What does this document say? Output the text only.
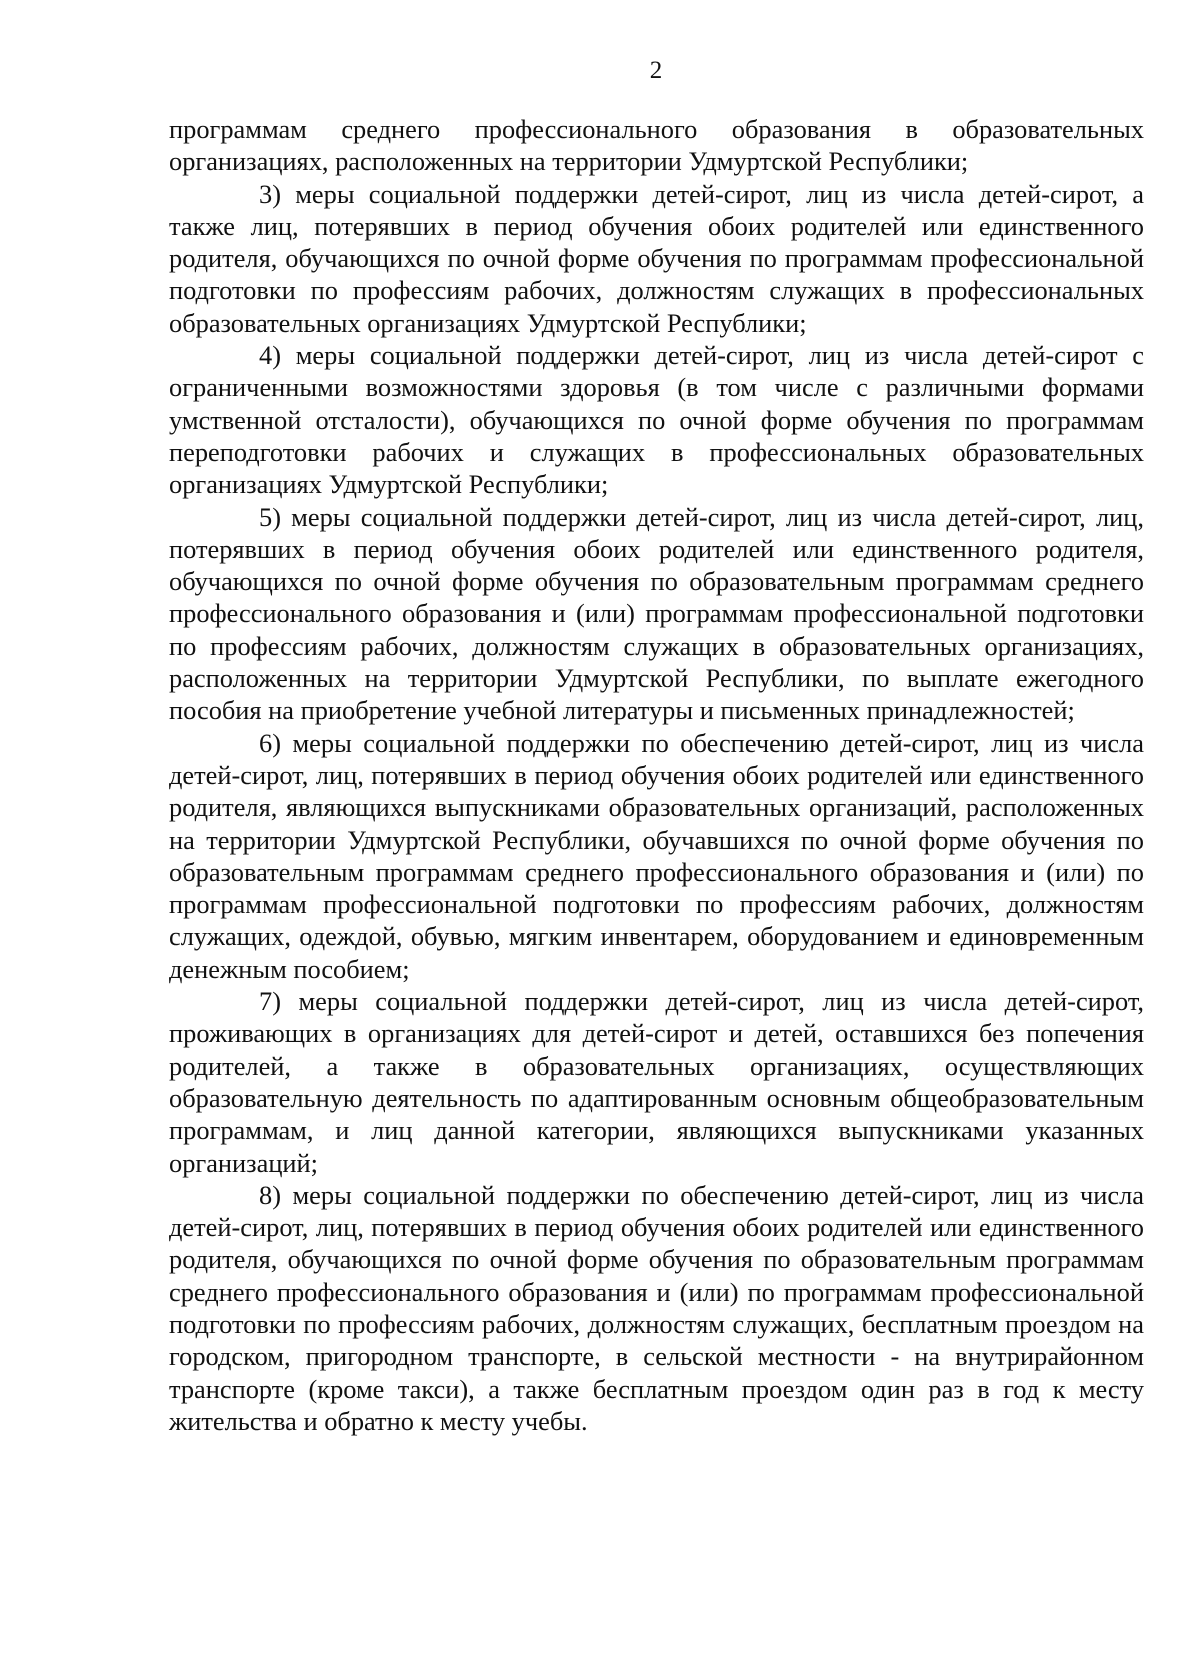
2

программам среднего профессионального образования в образовательных организациях, расположенных на территории Удмуртской Республики;

3) меры социальной поддержки детей-сирот, лиц из числа детей-сирот, а также лиц, потерявших в период обучения обоих родителей или единственного родителя, обучающихся по очной форме обучения по программам профессиональной подготовки по профессиям рабочих, должностям служащих в профессиональных образовательных организациях Удмуртской Республики;

4) меры социальной поддержки детей-сирот, лиц из числа детей-сирот с ограниченными возможностями здоровья (в том числе с различными формами умственной отсталости), обучающихся по очной форме обучения по программам переподготовки рабочих и служащих в профессиональных образовательных организациях Удмуртской Республики;

5) меры социальной поддержки детей-сирот, лиц из числа детей-сирот, лиц, потерявших в период обучения обоих родителей или единственного родителя, обучающихся по очной форме обучения по образовательным программам среднего профессионального образования и (или) программам профессиональной подготовки по профессиям рабочих, должностям служащих в образовательных организациях, расположенных на территории Удмуртской Республики, по выплате ежегодного пособия на приобретение учебной литературы и письменных принадлежностей;

6) меры социальной поддержки по обеспечению детей-сирот, лиц из числа детей-сирот, лиц, потерявших в период обучения обоих родителей или единственного родителя, являющихся выпускниками образовательных организаций, расположенных на территории Удмуртской Республики, обучавшихся по очной форме обучения по образовательным программам среднего профессионального образования и (или) по программам профессиональной подготовки по профессиям рабочих, должностям служащих, одеждой, обувью, мягким инвентарем, оборудованием и единовременным денежным пособием;

7) меры социальной поддержки детей-сирот, лиц из числа детей-сирот, проживающих в организациях для детей-сирот и детей, оставшихся без попечения родителей, а также в образовательных организациях, осуществляющих образовательную деятельность по адаптированным основным общеобразовательным программам, и лиц данной категории, являющихся выпускниками указанных организаций;

8) меры социальной поддержки по обеспечению детей-сирот, лиц из числа детей-сирот, лиц, потерявших в период обучения обоих родителей или единственного родителя, обучающихся по очной форме обучения по образовательным программам среднего профессионального образования и (или) по программам профессиональной подготовки по профессиям рабочих, должностям служащих, бесплатным проездом на городском, пригородном транспорте, в сельской местности - на внутрирайонном транспорте (кроме такси), а также бесплатным проездом один раз в год к месту жительства и обратно к месту учебы.
